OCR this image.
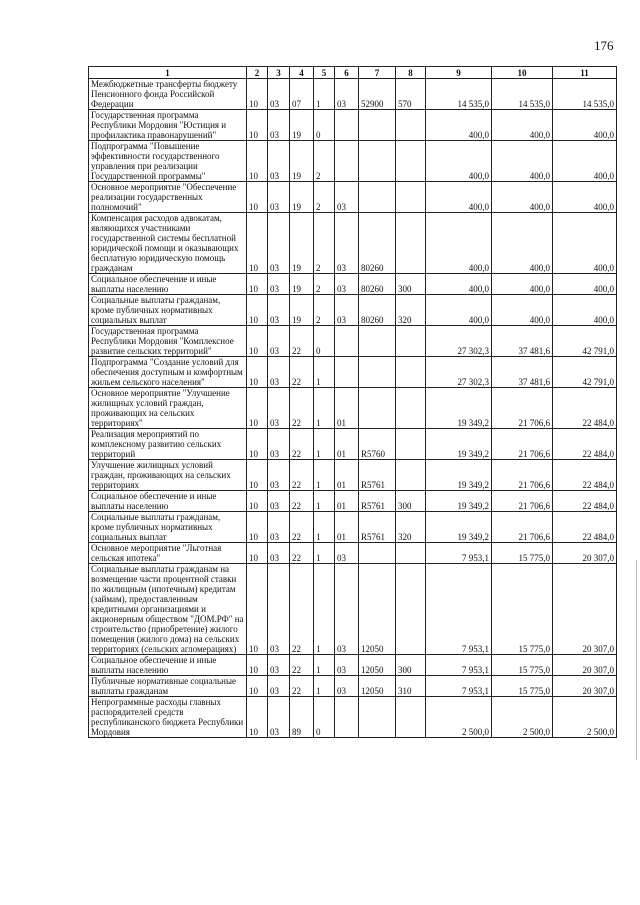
176
1	2	3	4	5	6	7	8	9	10	11
Межбюджетные трансферты бюджету Пенсионного фонда Российской Федерации	10	03	07	1	03	52900	570	14 535,0	14 535,0	14 535,0
Государственная программа Республики Мордовия "Юстиция и профилактика правонарушений"	10	03	19	0				400,0	400,0	400,0
Подпрограмма "Повышение эффективности государственного управления при реализации Государственной программы"	10	03	19	2				400,0	400,0	400,0
Основное мероприятие "Обеспечение реализации государственных полномочий"	10	03	19	2	03			400,0	400,0	400,0
Компенсация расходов адвокатам, являющихся участниками государственной системы бесплатной юридической помощи и оказывающих бесплатную юридическую помощь гражданам	10	03	19	2	03	80260		400,0	400,0	400,0
Социальное обеспечение и иные выплаты населению	10	03	19	2	03	80260	300	400,0	400,0	400,0
Социальные выплаты гражданам, кроме публичных нормативных социальных выплат	10	03	19	2	03	80260	320	400,0	400,0	400,0
Государственная программа Республики Мордовия "Комплексное развитие сельских территорий"	10	03	22	0				27 302,3	37 481,6	42 791,0
Подпрограмма "Создание условий для обеспечения доступным и комфортным жильем сельского населения"	10	03	22	1				27 302,3	37 481,6	42 791,0
Основное мероприятие "Улучшение жилищных условий граждан, проживающих на сельских территориях"	10	03	22	1	01			19 349,2	21 706,6	22 484,0
Реализация мероприятий по комплексному развитию сельских территорий	10	03	22	1	01	R5760		19 349,2	21 706,6	22 484,0
Улучшение жилищных условий граждан, проживающих на сельских территориях	10	03	22	1	01	R5761		19 349,2	21 706,6	22 484,0
Социальное обеспечение и иные выплаты населению	10	03	22	1	01	R5761	300	19 349,2	21 706,6	22 484,0
Социальные выплаты гражданам, кроме публичных нормативных социальных выплат	10	03	22	1	01	R5761	320	19 349,2	21 706,6	22 484,0
Основное мероприятие "Льготная сельская ипотека"	10	03	22	1	03			7 953,1	15 775,0	20 307,0
Социальные выплаты гражданам на возмещение части процентной ставки по жилищным (ипотечным) кредитам (займам), предоставленным кредитными организациями и акционерным обществом "ДОМ.РФ" на строительство (приобретение) жилого помещения (жилого дома) на сельских территориях (сельских агломерациях)	10	03	22	1	03	12050		7 953,1	15 775,0	20 307,0
Социальное обеспечение и иные выплаты населению	10	03	22	1	03	12050	300	7 953,1	15 775,0	20 307,0
Публичные нормативные социальные выплаты гражданам	10	03	22	1	03	12050	310	7 953,1	15 775,0	20 307,0
Непрограммные расходы главных распорядителей средств республиканского бюджета Республики Мордовия	10	03	89	0				2 500,0	2 500,0	2 500,0
